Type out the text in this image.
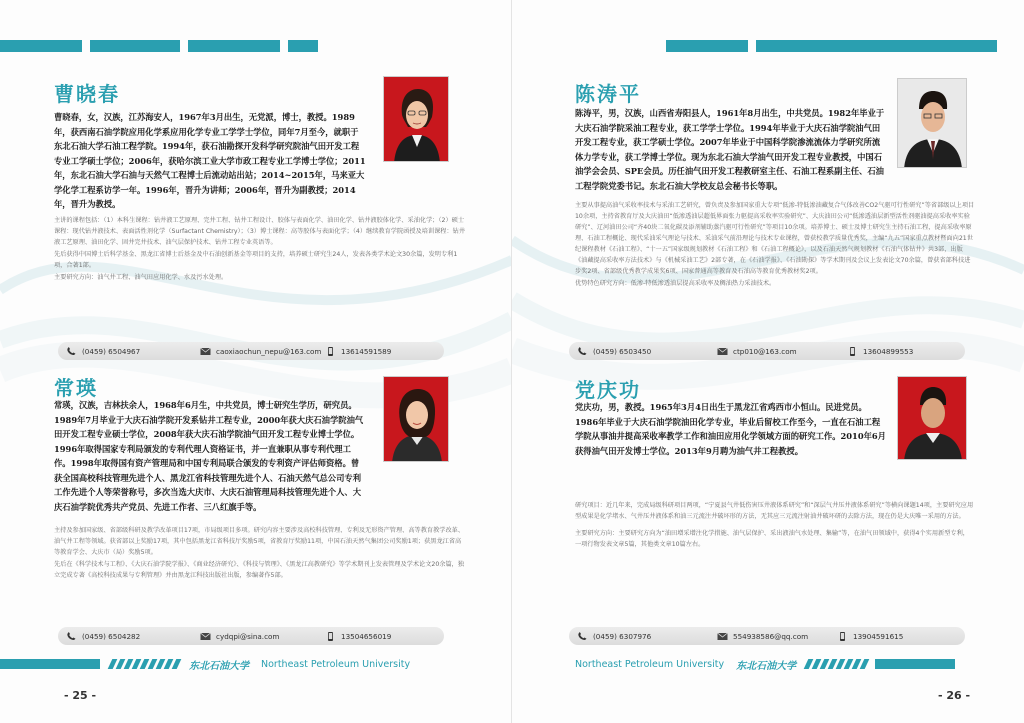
曹晓春
曹晓春，女，汉族，江苏海安人，1967年3月出生，无党派，博士，教授。1989年，获西南石油学院应用化学系应用化学专业工学学士学位，同年7月至今，就职于东北石油大学石油工程学院。1994年，获石油勘探开发科学研究院油气田开发工程专业工学硕士学位；2006年，获哈尔滨工业大学市政工程专业工学博士学位；2011年，东北石油大学石油与天然气工程博士后流动站出站；2014~2015年，马来亚大学化学工程系访学一年。1996年，晋升为讲师；2006年，晋升为副教授；2014年，晋升为教授。

主讲的课程包括：（1）本科生课程：钻井液工艺原理、完井工程、钻井工程设计、胶体与表面化学、油田化学、钻井液胶体化学、采油化学；（2）硕士课程：现代钻井液技术、表面活性剂化学（Surfactant Chemistry）；（3）博士课程：高等胶体与表面化学；（4）继续教育学院函授及培训课程：钻井液工艺原理、油田化学、固井完井技术、油气层保护技术、钻井工程专业英语等。

先后获得中国博士后科学基金、黑龙江省博士后基金及中石油创新基金等项目的支持，培养硕士研究生24人，发表各类学术论文30余篇，发明专利1项，合著1部。

主要研究方向：油气井工程、油气田应用化学、水及污水处理。

(0459) 6504967	caoxiaochun_nepu@163.com	13614591589
常瑛
常瑛，汉族，吉林扶余人，1968年6月生，中共党员，博士研究生学历，研究员。1989年7月毕业于大庆石油学院开发系钻井工程专业，2000年获大庆石油学院油气田开发工程专业硕士学位，2008年获大庆石油学院油气田开发工程专业博士学位。1996年取得国家专利局颁发的专利代理人资格证书，并一直兼职从事专利代理工作。1998年取得国有资产管理局和中国专利局联合颁发的专利资产评估师资格。曾获全国高校科技管理先进个人、黑龙江省科技管理先进个人、石油天然气总公司专利工作先进个人等荣誉称号，多次当选大庆市、大庆石油管理局科技管理先进个人、大庆石油学院优秀共产党员、先进工作者、三八红旗手等。

主持及参加国家级、省部级科研及教学改革项目17项，市局级项目多项。研究内容主要涉及高校科技管理、专利及无形资产管理、高等教育教学改革、油气井工程等领域。获省部以上奖励17项，其中包括黑龙江省科技厅奖励5项，省教育厅奖励11项，中国石油天然气集团公司奖励1项；获黑龙江省高等教育学会、大庆市（局）奖励5项。

先后在《科学技术与工程》、《大庆石油学院学报》、《商业经济研究》、《科技与管理》、《黑龙江高教研究》等学术期刊上发表管理及学术论文20余篇，独立完成专著《高校科技成果与专利管理》并由黑龙江科技出版社出版，参编著作5部。

(0459) 6504282	cydqpi@sina.com	13504656019
东北石油大学 Northeast Petroleum University
- 25 -
陈涛平
陈涛平，男，汉族，山西省寿阳县人，1961年8月出生，中共党员。1982年毕业于大庆石油学院采油工程专业，获工学学士学位。1994年毕业于大庆石油学院油气田开发工程专业，获工学硕士学位。2007年毕业于中国科学院渗流流体力学研究所流体力学专业，获工学博士学位。现为东北石油大学油气田开发工程专业教授，中国石油学会会员、SPE会员。历任油气田开发工程教研室主任、石油工程系副主任、石油工程学院党委书记。东北石油大学校友总会秘书长等职。

主要从事提高油气采收率技术与采油工艺研究，曾负责及参加国家重大专项“低渗-特低渗油藏复合气体改善CO2气驱可行性研究”等省部级以上项目10余项，主持省教育厅及大庆油田“低渗透油层超低界面张力驱提高采收率实验研究”、大庆油田公司“低渗透油层新型活性剂驱油提高采收率实验研究”、辽河油田公司“齐40块二氧化碳及添剂辅助蒸汽驱可行性研究”等项目10余项。培养博士、硕士及博士研究生主持石油工程，提高采收率原理、石油工程概论、现代采油采气理论与技术、采油采气前沿理论与技术专业课程，曾获校教学质量优秀奖，主编“九五”国家重点教材暨面向21世纪课程教材《石油工程》、“十一五”国家级规划教材《石油工程》和《石油工程概论》，以及石油天然气规划教材《石油气体钻井》共3部，出版《油藏提高采收率方法技术》与《机械采油工艺》2部专著，在《石油学报》、《石油勘探》等学术期刊及会议上发表论文70余篇，曾获省部科技进步奖2项、省部级优秀教学成果奖6项、国家普通高等教育及石油高等教育优秀教材奖2项。

优势特色研究方向：低渗-特低渗透油层提高采收率及稠油热力采油技术。

(0459) 6503450	ctp010@163.com	13604899553
党庆功
党庆功，男，教授。1965年3月4日出生于黑龙江省鸡西市小恒山。民进党员。1986年毕业于大庆石油学院油田化学专业，毕业后留校工作至今，一直在石油工程学院从事油井提高采收率教学工作和油田应用化学领域方面的研究工作。2010年6月获得油气田开发博士学位。2013年9月聘为油气井工程教授。

研究项目：近几年来，完成局级科研项目两项，“宁夏县气井低伤害压井液体系研究”和“深层气井压井液体系研究”等横向课题14项，主要研究应用型成果是化学堵水、气井压井液体系和油三元流注井破坏形的方法，无其应三元流注射油井破坏研的去除方法，现在仍是大庆唯一采用的方法。

主要研究方向：主要研究方向为“油田增采增注化学措施、油气层保护、采出液油气水处理、集输”等，在油气田领域中，获得4个实用新型专利，一项行物发表文章5篇，其他类文章10篇左右。

(0459) 6307976	554938586@qq.com	13904591615
Northeast Petroleum University 东北石油大学
- 26 -
